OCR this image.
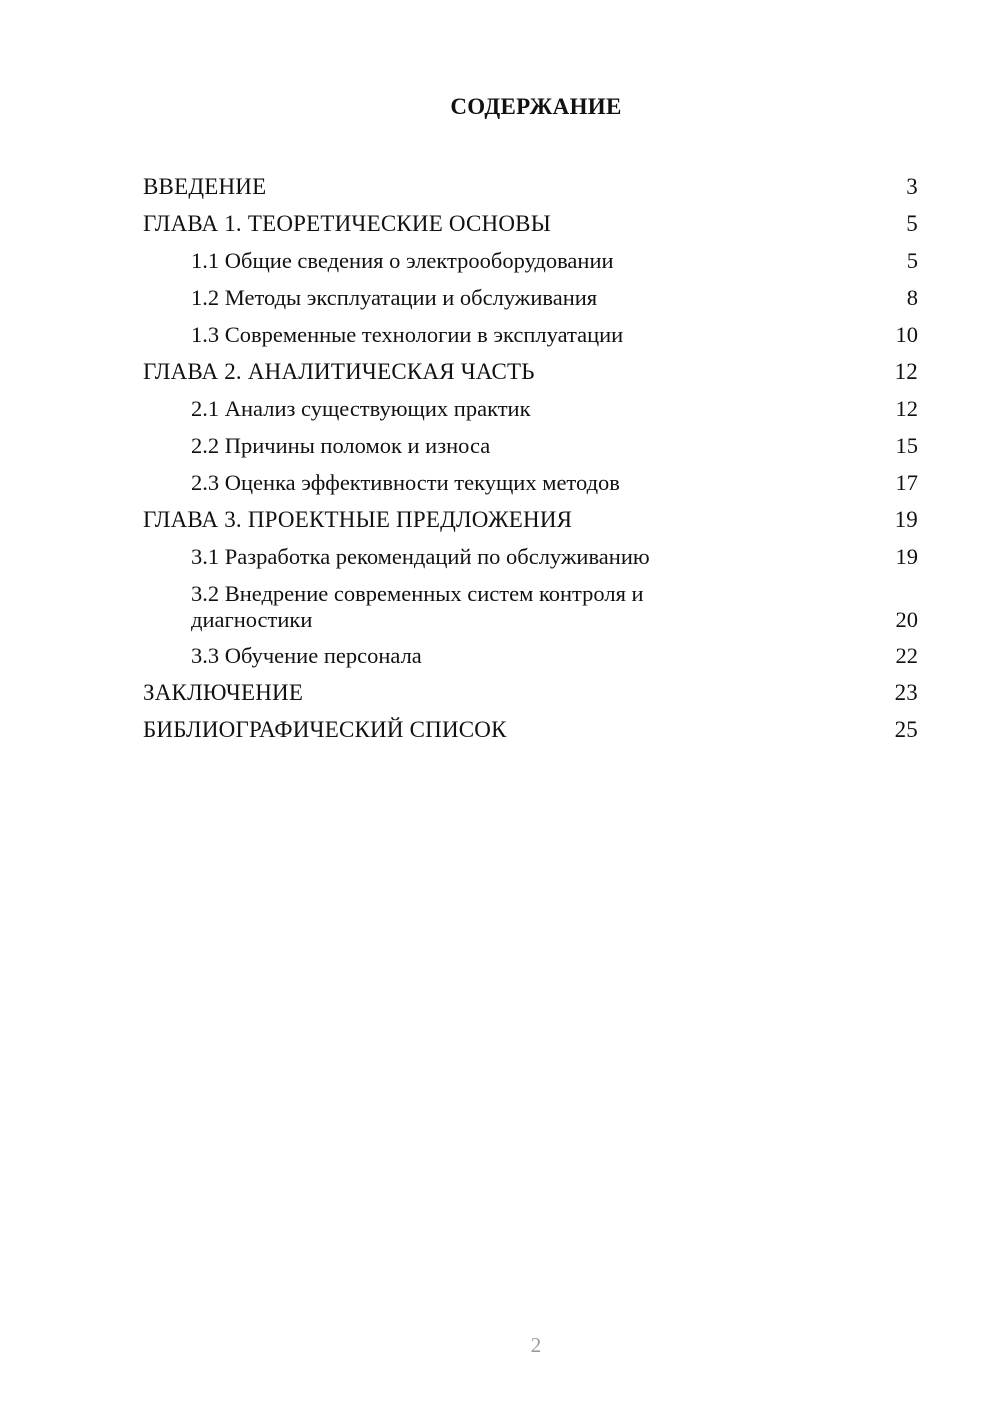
СОДЕРЖАНИЕ
ВВЕДЕНИЕ	3
ГЛАВА 1. ТЕОРЕТИЧЕСКИЕ ОСНОВЫ	5
1.1 Общие сведения о электрооборудовании	5
1.2 Методы эксплуатации и обслуживания	8
1.3 Современные технологии в эксплуатации	10
ГЛАВА 2. АНАЛИТИЧЕСКАЯ ЧАСТЬ	12
2.1 Анализ существующих практик	12
2.2 Причины поломок и износа	15
2.3 Оценка эффективности текущих методов	17
ГЛАВА 3. ПРОЕКТНЫЕ ПРЕДЛОЖЕНИЯ	19
3.1 Разработка рекомендаций по обслуживанию	19
3.2 Внедрение современных систем контроля и диагностики	20
3.3 Обучение персонала	22
ЗАКЛЮЧЕНИЕ	23
БИБЛИОГРАФИЧЕСКИЙ СПИСОК	25
2
